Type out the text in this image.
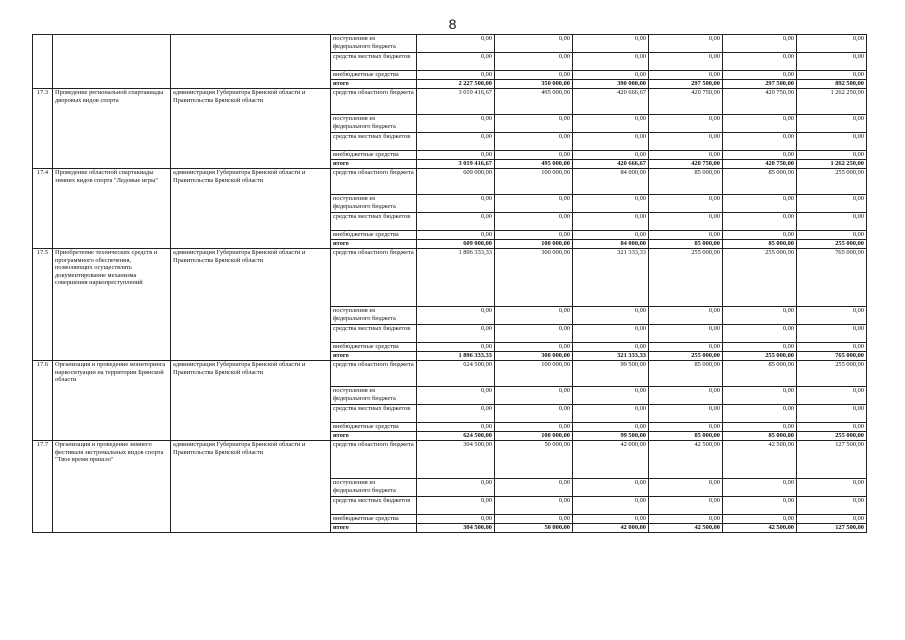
8
			поступления из федерального бюджета	0,00	0,00	0,00	0,00	0,00	0,00
			средства местных бюджетов	0,00	0,00	0,00	0,00	0,00	0,00
			внебюджетные средства	0,00	0,00	0,00	0,00	0,00	0,00
			итого	2 227 500,00	350 000,00	390 000,00	297 500,00	297 500,00	892 500,00
17.3	Проведение региональной спартакиады дворовых видов спорта	администрация Губернатора Брянской области и Правительства Брянской области	средства областного бюджета	3 019 416,67	495 000,00	420 666,67	420 750,00	420 750,00	1 262 250,00
			поступления из федерального бюджета	0,00	0,00	0,00	0,00	0,00	0,00
			средства местных бюджетов	0,00	0,00	0,00	0,00	0,00	0,00
			внебюджетные средства	0,00	0,00	0,00	0,00	0,00	0,00
			итого	3 019 416,67	495 000,00	420 666,67	420 750,00	420 750,00	1 262 250,00
17.4	Проведение областной спартакиады зимних видов спорта "Ледовые игры"	администрация Губернатора Брянской области и Правительства Брянской области	средства областного бюджета	609 000,00	100 000,00	84 000,00	85 000,00	85 000,00	255 000,00
			поступления из федерального бюджета	0,00	0,00	0,00	0,00	0,00	0,00
			средства местных бюджетов	0,00	0,00	0,00	0,00	0,00	0,00
			внебюджетные средства	0,00	0,00	0,00	0,00	0,00	0,00
			итого	609 000,00	100 000,00	84 000,00	85 000,00	85 000,00	255 000,00
17.5	Приобретение технических средств и программного обеспечения, позволяющих осуществлять документирование механизма совершения наркопреступлений	администрация Губернатора Брянской области и Правительства Брянской области	средства областного бюджета	1 896 333,33	300 000,00	321 333,33	255 000,00	255 000,00	765 000,00
			поступления из федерального бюджета	0,00	0,00	0,00	0,00	0,00	0,00
			средства местных бюджетов	0,00	0,00	0,00	0,00	0,00	0,00
			внебюджетные средства	0,00	0,00	0,00	0,00	0,00	0,00
			итого	1 896 333,33	300 000,00	321 333,33	255 000,00	255 000,00	765 000,00
17.6	Организация и проведение мониторинга наркоситуации на территории Брянской области	администрация Губернатора Брянской области и Правительства Брянской области	средства областного бюджета	624 500,00	100 000,00	99 500,00	85 000,00	85 000,00	255 000,00
			поступления из федерального бюджета	0,00	0,00	0,00	0,00	0,00	0,00
			средства местных бюджетов	0,00	0,00	0,00	0,00	0,00	0,00
			внебюджетные средства	0,00	0,00	0,00	0,00	0,00	0,00
			итого	624 500,00	100 000,00	99 500,00	85 000,00	85 000,00	255 000,00
17.7	Организация и проведение зимнего фестиваля экстремальных видов спорта "Твое время пришло"	администрация Губернатора Брянской области и Правительства Брянской области	средства областного бюджета	304 500,00	50 000,00	42 000,00	42 500,00	42 500,00	127 500,00
			поступления из федерального бюджета	0,00	0,00	0,00	0,00	0,00	0,00
			средства местных бюджетов	0,00	0,00	0,00	0,00	0,00	0,00
			внебюджетные средства	0,00	0,00	0,00	0,00	0,00	0,00
			итого	304 500,00	50 000,00	42 000,00	42 500,00	42 500,00	127 500,00
